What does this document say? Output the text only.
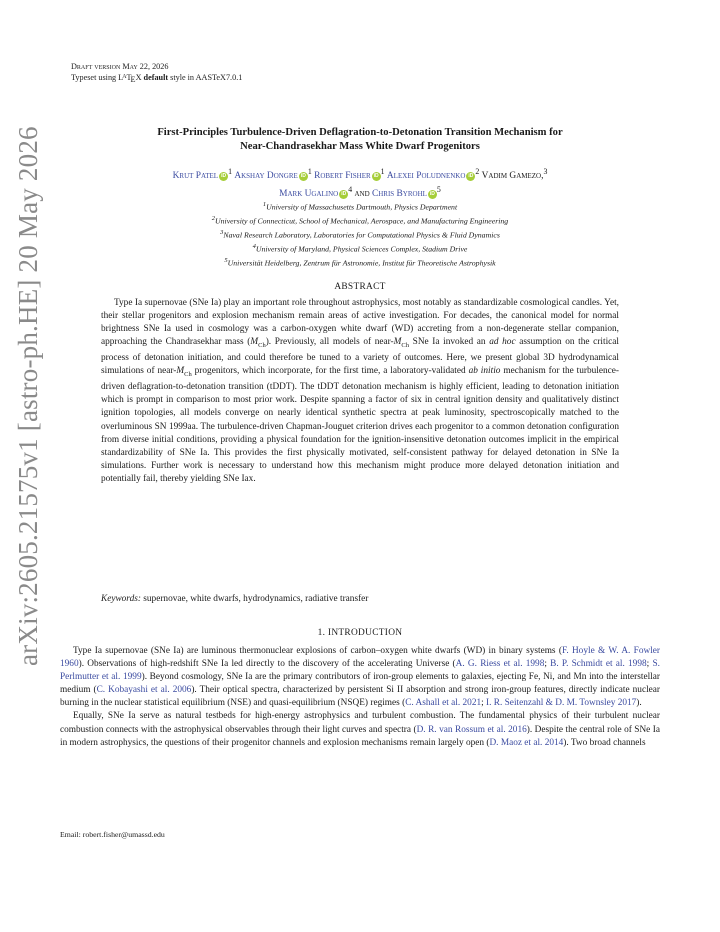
arXiv:2605.21575v1 [astro-ph.HE] 20 May 2026
Draft version May 22, 2026
Typeset using $L^ATEX$ default style in AASTeX7.0.1
First-Principles Turbulence-Driven Deflagration-to-Detonation Transition Mechanism for
Near-Chandrasekhar Mass White Dwarf Progenitors
Krut Patel $iD^1$ Akshay Dongre $iD^1$ Robert Fisher $iD^1$ Alexei Poludnenko $iD^2$ Vadim Gamezo,$^3$
Mark Ugalino $iD^4$ and Chris Byrohl $iD^5$
$^1$University of Massachusetts Dartmouth, Physics Department
$^2$University of Connecticut, School of Mechanical, Aerospace, and Manufacturing Engineering
$^3$Naval Research Laboratory, Laboratories for Computational Physics & Fluid Dynamics
$^4$University of Maryland, Physical Sciences Complex, Stadium Drive
$^5$Universität Heidelberg, Zentrum für Astronomie, Institut für Theoretische Astrophysik
ABSTRACT
Type Ia supernovae (SNe Ia) play an important role throughout astrophysics, most notably as standardizable cosmological candles. Yet, their stellar progenitors and explosion mechanism remain areas of active investigation. For decades, the canonical model for normal brightness SNe Ia used in cosmology was a carbon-oxygen white dwarf (WD) accreting from a non-degenerate stellar companion, approaching the Chandrasekhar mass $(M_{Ch})$. Previously, all models of near-$M_{Ch}$ SNe Ia invoked an ad hoc assumption on the critical process of detonation initiation, and could therefore be tuned to a variety of outcomes. Here, we present global 3D hydrodynamical simulations of near-$M_{Ch}$ progenitors, which incorporate, for the first time, a laboratory-validated ab initio mechanism for the turbulence-driven deflagration-to-detonation transition (tDDT). The tDDT detonation mechanism is highly efficient, leading to detonation initiation which is prompt in comparison to most prior work. Despite spanning a factor of six in central ignition density and qualitatively distinct ignition topologies, all models converge on nearly identical synthetic spectra at peak luminosity, spectroscopically matched to the overluminous SN 1999aa. The turbulence-driven Chapman-Jouguet criterion drives each progenitor to a common detonation configuration from diverse initial conditions, providing a physical foundation for the ignition-insensitive detonation outcomes implicit in the empirical standardizability of SNe Ia. This provides the first physically motivated, self-consistent pathway for delayed detonation in SNe Ia simulations. Further work is necessary to understand how this mechanism might produce more delayed detonation initiation and potentially fail, thereby yielding SNe Iax.
Keywords: supernovae, white dwarfs, hydrodynamics, radiative transfer
1. INTRODUCTION

Type Ia supernovae (SNe Ia) are luminous thermonuclear explosions of carbon–oxygen white dwarfs (WD) in binary systems (F. Hoyle & W. A. Fowler 1960). Observations of high-redshift SNe Ia led directly to the discovery of the accelerating Universe (A. G. Riess et al. 1998; B. P. Schmidt et al. 1998; S. Perlmutter et al. 1999). Beyond cosmology, SNe Ia are the primary contributors of iron-group elements to galaxies, ejecting Fe, Ni, and Mn into the interstellar medium (C. Kobayashi et al. 2006). Their optical spectra, characterized by persistent Si II absorption and strong iron-group features, directly indicate nuclear burning in the nuclear statistical equilibrium (NSE) and quasi-equilibrium (NSQE) regimes (C. Ashall et al. 2021; I. R. Seitenzahl & D. M. Townsley 2017).

Equally, SNe Ia serve as natural testbeds for high-energy astrophysics and turbulent combustion. The fundamental physics of their turbulent nuclear combustion connects with the astrophysical observables through their light curves and spectra (D. R. van Rossum et al. 2016). Despite the central role of SNe Ia in modern astrophysics, the questions of their progenitor channels and explosion mechanisms remain largely open (D. Maoz et al. 2014). Two broad channels

Email: robert.fisher@umassd.edu
